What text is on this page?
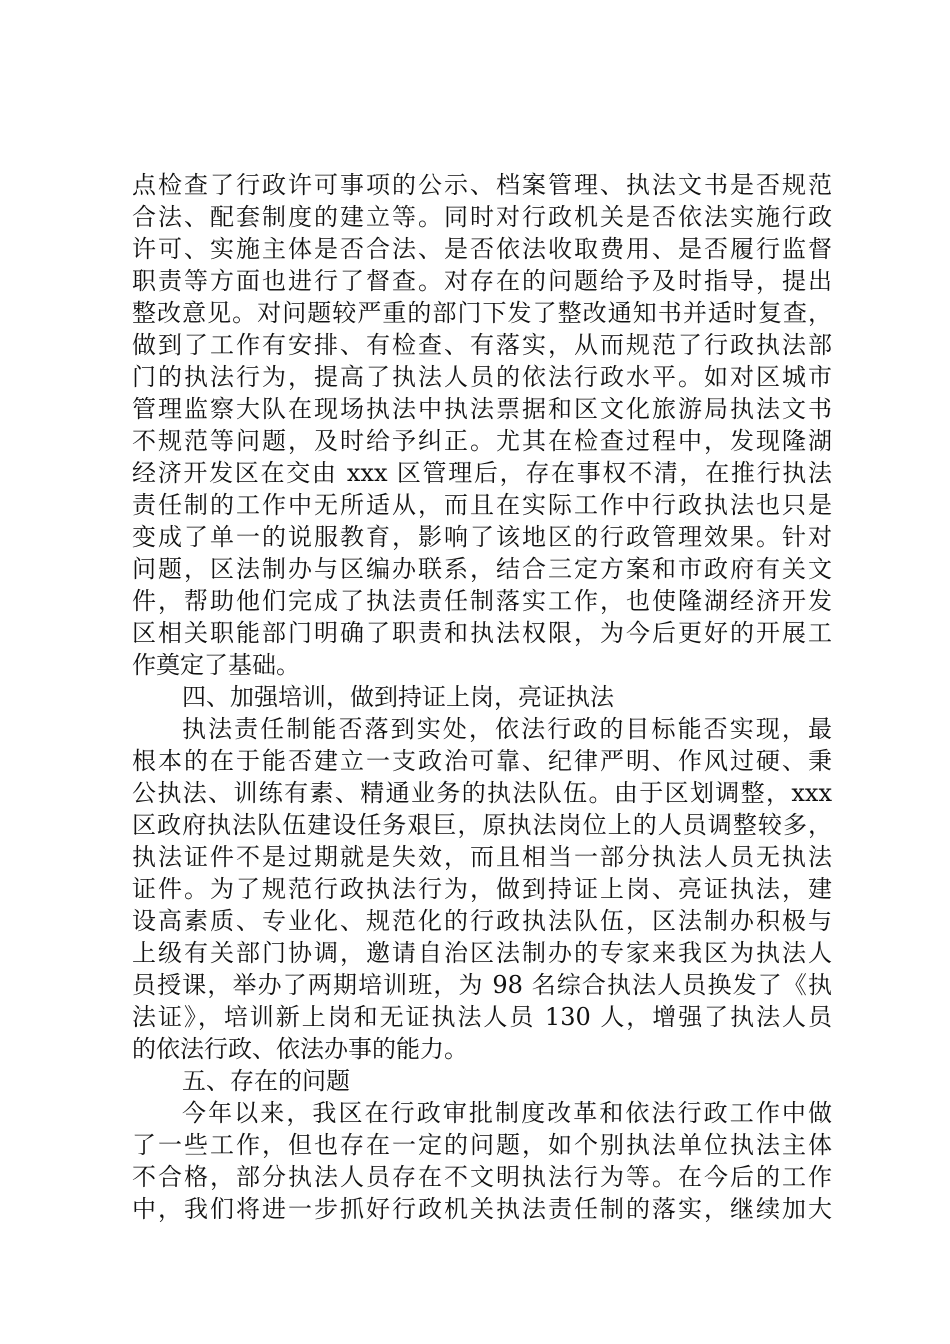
点检查了行政许可事项的公示、档案管理、执法文书是否规范
合法、配套制度的建立等。同时对行政机关是否依法实施行政
许可、实施主体是否合法、是否依法收取费用、是否履行监督
职责等方面也进行了督查。对存在的问题给予及时指导，提出
整改意见。对问题较严重的部门下发了整改通知书并适时复查，
做到了工作有安排、有检查、有落实，从而规范了行政执法部
门的执法行为，提高了执法人员的依法行政水平。如对区城市
管理监察大队在现场执法中执法票据和区文化旅游局执法文书
不规范等问题，及时给予纠正。尤其在检查过程中，发现隆湖
经济开发区在交由 xxx 区管理后，存在事权不清，在推行执法
责任制的工作中无所适从，而且在实际工作中行政执法也只是
变成了单一的说服教育，影响了该地区的行政管理效果。针对
问题，区法制办与区编办联系，结合三定方案和市政府有关文
件，帮助他们完成了执法责任制落实工作，也使隆湖经济开发
区相关职能部门明确了职责和执法权限，为今后更好的开展工
作奠定了基础。
四、加强培训，做到持证上岗，亮证执法
执法责任制能否落到实处，依法行政的目标能否实现，最
根本的在于能否建立一支政治可靠、纪律严明、作风过硬、秉
公执法、训练有素、精通业务的执法队伍。由于区划调整，xxx
区政府执法队伍建设任务艰巨，原执法岗位上的人员调整较多，
执法证件不是过期就是失效，而且相当一部分执法人员无执法
证件。为了规范行政执法行为，做到持证上岗、亮证执法，建
设高素质、专业化、规范化的行政执法队伍，区法制办积极与
上级有关部门协调，邀请自治区法制办的专家来我区为执法人
员授课，举办了两期培训班，为 98 名综合执法人员换发了《执
法证》，培训新上岗和无证执法人员 130 人，增强了执法人员
的依法行政、依法办事的能力。
五、存在的问题
今年以来，我区在行政审批制度改革和依法行政工作中做
了一些工作，但也存在一定的问题，如个别执法单位执法主体
不合格，部分执法人员存在不文明执法行为等。在今后的工作
中，我们将进一步抓好行政机关执法责任制的落实，继续加大
